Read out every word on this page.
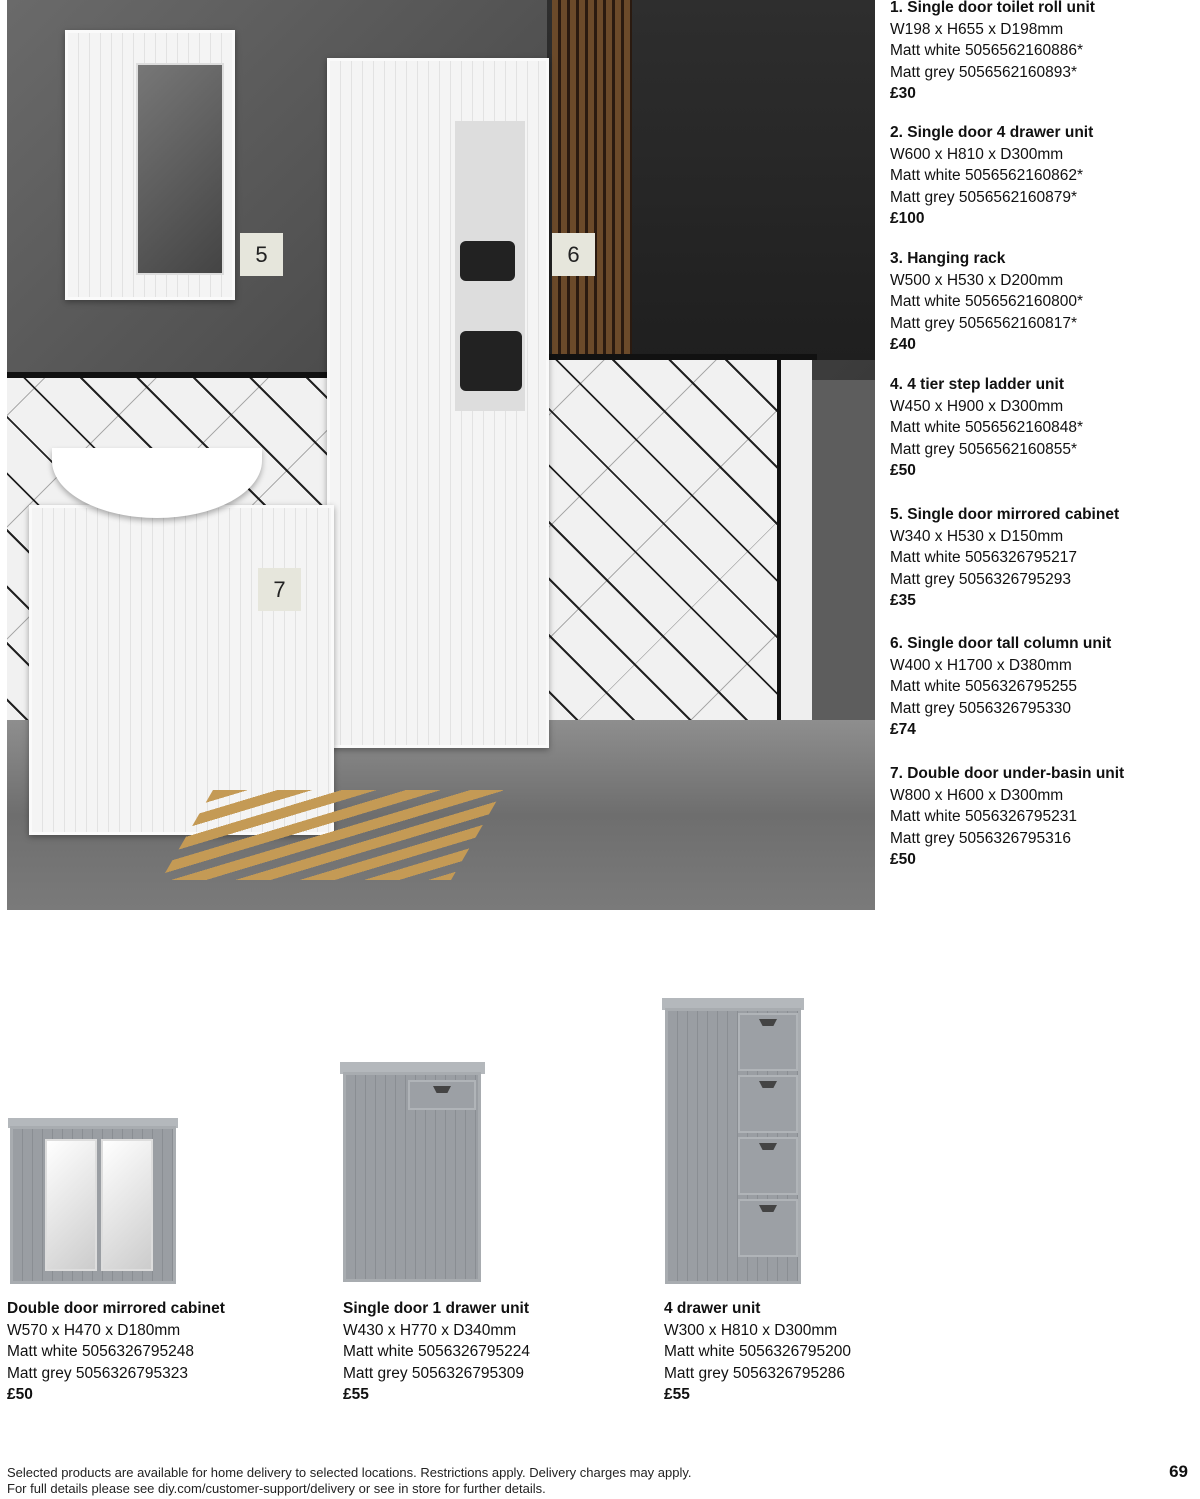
5	6
7
1. Single door toilet roll unit
W198 x H655 x D198mm
Matt white 5056562160886*
Matt grey 5056562160893*
£30
2. Single door 4 drawer unit
W600 x H810 x D300mm
Matt white 5056562160862*
Matt grey 5056562160879*
£100
3. Hanging rack
W500 x H530 x D200mm
Matt white 5056562160800*
Matt grey 5056562160817*
£40
4. 4 tier step ladder unit
W450 x H900 x D300mm
Matt white 5056562160848*
Matt grey 5056562160855*
£50
5. Single door mirrored cabinet
W340 x H530 x D150mm
Matt white 5056326795217
Matt grey 5056326795293
£35
6. Single door tall column unit
W400 x H1700 x D380mm
Matt white 5056326795255
Matt grey 5056326795330
£74
7. Double door under-basin unit
W800 x H600 x D300mm
Matt white 5056326795231
Matt grey 5056326795316
£50
Double door mirrored cabinet
W570 x H470 x D180mm
Matt white 5056326795248
Matt grey 5056326795323
£50
Single door 1 drawer unit
W430 x H770 x D340mm
Matt white 5056326795224
Matt grey 5056326795309
£55
4 drawer unit
W300 x H810 x D300mm
Matt white 5056326795200
Matt grey 5056326795286
£55
Selected products are available for home delivery to selected locations. Restrictions apply. Delivery charges may apply.
For full details please see diy.com/customer-support/delivery or see in store for further details.
69
